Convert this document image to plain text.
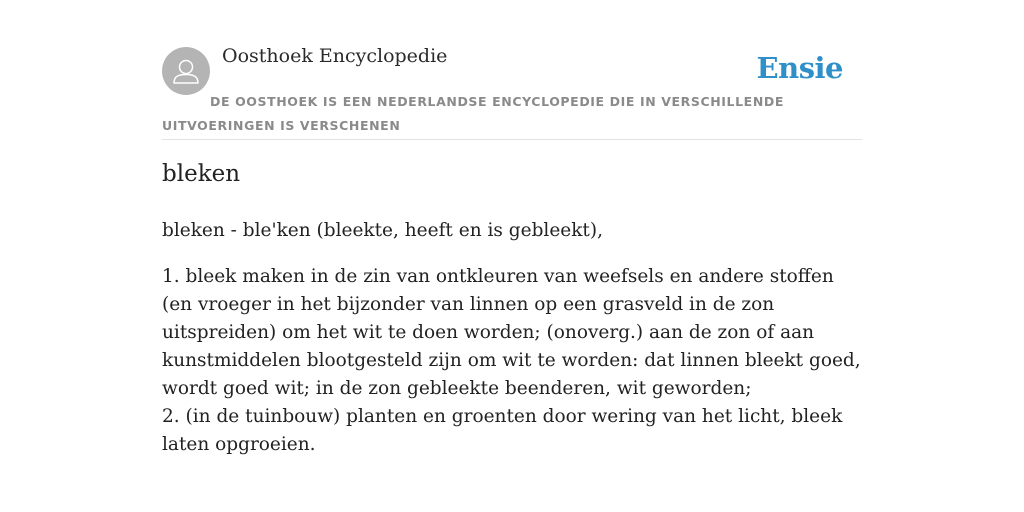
Oosthoek Encyclopedie	Ensie
DE OOSTHOEK IS EEN NEDERLANDSE ENCYCLOPEDIE DIE IN VERSCHILLENDE UITVOERINGEN IS VERSCHENEN
bleken
bleken - ble'ken (bleekte, heeft en is gebleekt),

1. bleek maken in de zin van ontkleuren van weefsels en andere stoffen (en vroeger in het bijzonder van linnen op een grasveld in de zon uitspreiden) om het wit te doen worden; (onoverg.) aan de zon of aan kunstmiddelen blootgesteld zijn om wit te worden: dat linnen bleekt goed, wordt goed wit; in de zon gebleekte beenderen, wit geworden;

2. (in de tuinbouw) planten en groenten door wering van het licht, bleek laten opgroeien.
